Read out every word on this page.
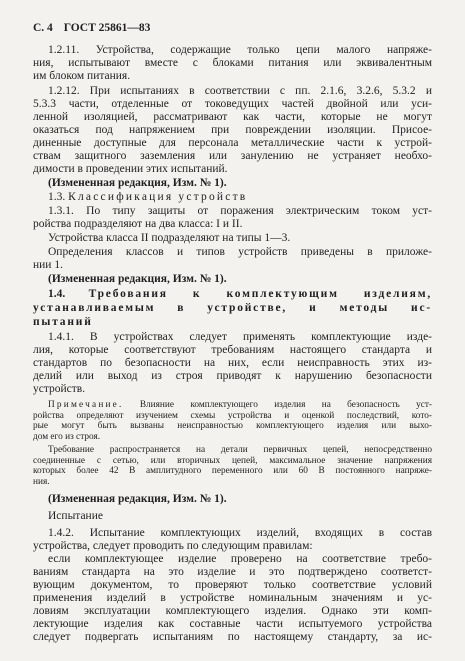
С. 4 ГОСТ 25861—83
1.2.11. Устройства, содержащие только цепи малого напряже-
ния, испытывают вместе с блоками питания или эквивалентным
им блоком питания.
1.2.12. При испытаниях в соответствии с пп. 2.1.6, 3.2.6, 5.3.2 и
5.3.3 части, отделенные от токоведущих частей двойной или уси-
ленной изоляцией, рассматривают как части, которые не могут
оказаться под напряжением при повреждении изоляции. Присое-
диненные доступные для персонала металлические части к устрой-
ствам защитного заземления или занулению не устраняет необхо-
димости в проведении этих испытаний.
(Измененная редакция, Изм. № 1).
1.3. Классификация устройств
1.3.1. По типу защиты от поражения электрическим током уст-
ройства подразделяют на два класса: I и II.
Устройства класса II подразделяют на типы 1—3.
Определения классов и типов устройств приведены в приложе-
нии 1.
(Измененная редакция, Изм. № 1).
1.4. Требования к комплектующим изделиям,
устанавливаемым в устройстве, и методы ис-
пытаний
1.4.1. В устройствах следует применять комплектующие изде-
лия, которые соответствуют требованиям настоящего стандарта и
стандартов по безопасности на них, если неисправность этих из-
делий или выход из строя приводят к нарушению безопасности
устройств.
Примечание. Влияние комплектующего изделия на безопасность уст-
ройства определяют изучением схемы устройства и оценкой последствий, кото-
рые могут быть вызваны неисправностью комплектующего изделия или выхо-
дом его из строя.
Требование распространяется на детали первичных цепей, непосредственно
соединенные с сетью, или вторичных цепей, максимальное значение напряжения
которых более 42 В амплитудного переменного или 60 В постоянного напряже-
ния.
(Измененная редакция, Изм. № 1).
Испытание
1.4.2. Испытание комплектующих изделий, входящих в состав
устройства, следует проводить по следующим правилам:
если комплектующее изделие проверено на соответствие требо-
ваниям стандарта на это изделие и это подтверждено соответст-
вующим документом, то проверяют только соответствие условий
применения изделий в устройстве номинальным значениям и ус-
ловиям эксплуатации комплектующего изделия. Однако эти комп-
лектующие изделия как составные части испытуемого устройства
следует подвергать испытаниям по настоящему стандарту, за ис-
